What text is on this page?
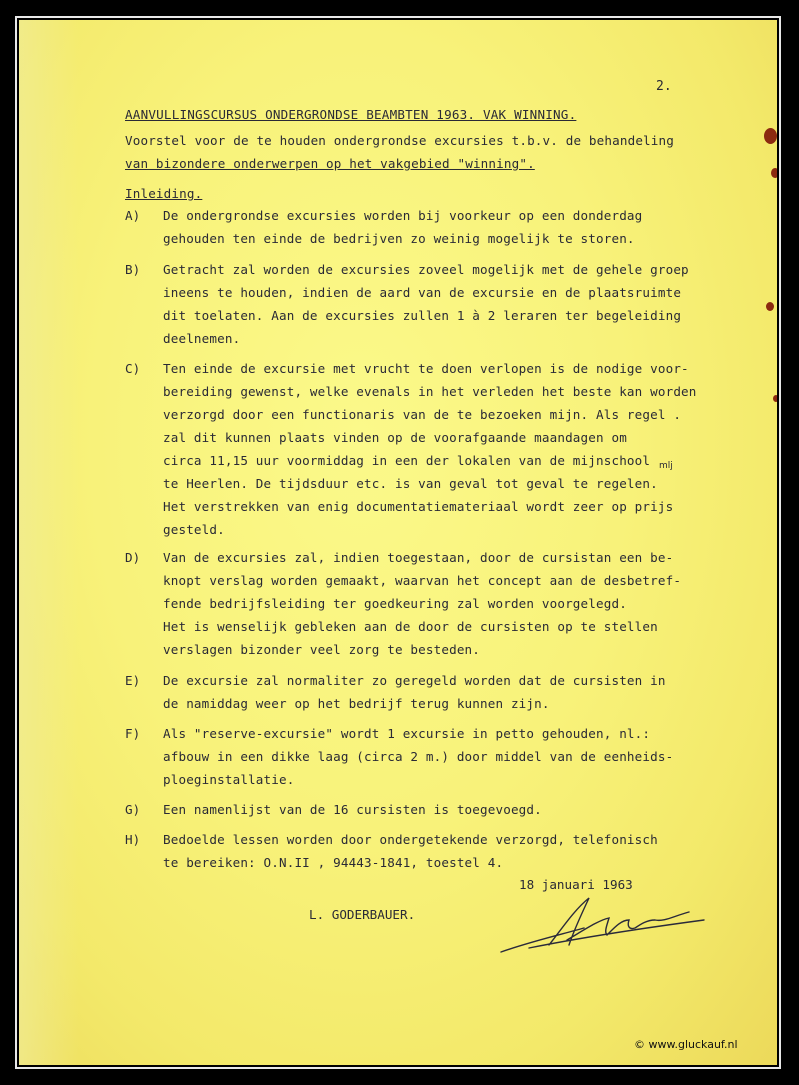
2.
AANVULLINGSCURSUS ONDERGRONDSE BEAMBTEN 1963. VAK WINNING.
Voorstel voor de te houden ondergrondse excursies t.b.v. de behandeling
van bizondere onderwerpen op het vakgebied "winning".
Inleiding.
A) De ondergrondse excursies worden bij voorkeur op een donderdag
gehouden ten einde de bedrijven zo weinig mogelijk te storen.
B) Getracht zal worden de excursies zoveel mogelijk met de gehele groep
ineens te houden, indien de aard van de excursie en de plaatsruimte
dit toelaten. Aan de excursies zullen 1 à 2 leraren ter begeleiding
deelnemen.
C) Ten einde de excursie met vrucht te doen verlopen is de nodige voor-
bereiding gewenst, welke evenals in het verleden het beste kan worden
verzorgd door een functionaris van de te bezoeken mijn. Als regel .
zal dit kunnen plaats vinden op de voorafgaande maandagen om
circa 11,15 uur voormiddag in een der lokalen van de mijnschool
te Heerlen. De tijdsduur etc. is van geval tot geval te regelen.
Het verstrekken van enig documentatiemateriaal wordt zeer op prijs
gesteld.
mlj
D) Van de excursies zal, indien toegestaan, door de cursistan een be-
knopt verslag worden gemaakt, waarvan het concept aan de desbetref-
fende bedrijfsleiding ter goedkeuring zal worden voorgelegd.
Het is wenselijk gebleken aan de door de cursisten op te stellen
verslagen bizonder veel zorg te besteden.
E) De excursie zal normaliter zo geregeld worden dat de cursisten in
de namiddag weer op het bedrijf terug kunnen zijn.
F) Als "reserve-excursie" wordt 1 excursie in petto gehouden, nl.:
afbouw in een dikke laag (circa 2 m.) door middel van de eenheids-
ploeginstallatie.
G) Een namenlijst van de 16 cursisten is toegevoegd.
H) Bedoelde lessen worden door ondergetekende verzorgd, telefonisch
te bereiken: O.N.II , 94443-1841, toestel 4.
18 januari 1963
L. GODERBAUER.
© www.gluckauf.nl
